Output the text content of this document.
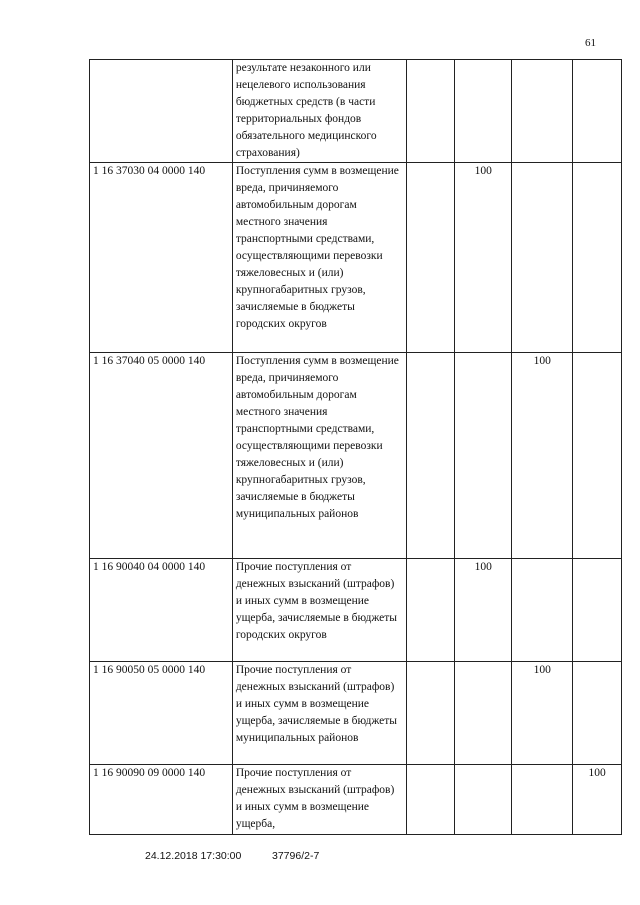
61
	результате незаконного или нецелевого использования бюджетных средств (в части территориальных фондов обязательного медицинского страхования)				
1 16 37030 04 0000 140	Поступления сумм в возмещение вреда, причиняемого автомобильным дорогам местного значения транспортными средствами, осуществляющими перевозки тяжеловесных и (или) крупногабаритных грузов, зачисляемые в бюджеты городских округов		100		
1 16 37040 05 0000 140	Поступления сумм в возмещение вреда, причиняемого автомобильным дорогам местного значения транспортными средствами, осуществляющими перевозки тяжеловесных и (или) крупногабаритных грузов, зачисляемые в бюджеты муниципальных районов			100	
1 16 90040 04 0000 140	Прочие поступления от денежных взысканий (штрафов) и иных сумм в возмещение ущерба, зачисляемые в бюджеты городских округов		100		
1 16 90050 05 0000 140	Прочие поступления от денежных взысканий (штрафов) и иных сумм в возмещение ущерба, зачисляемые в бюджеты муниципальных районов			100	
1 16 90090 09 0000 140	Прочие поступления от денежных взысканий (штрафов) и иных сумм в возмещение ущерба,				100
24.12.2018 17:30:00	37796/2-7
